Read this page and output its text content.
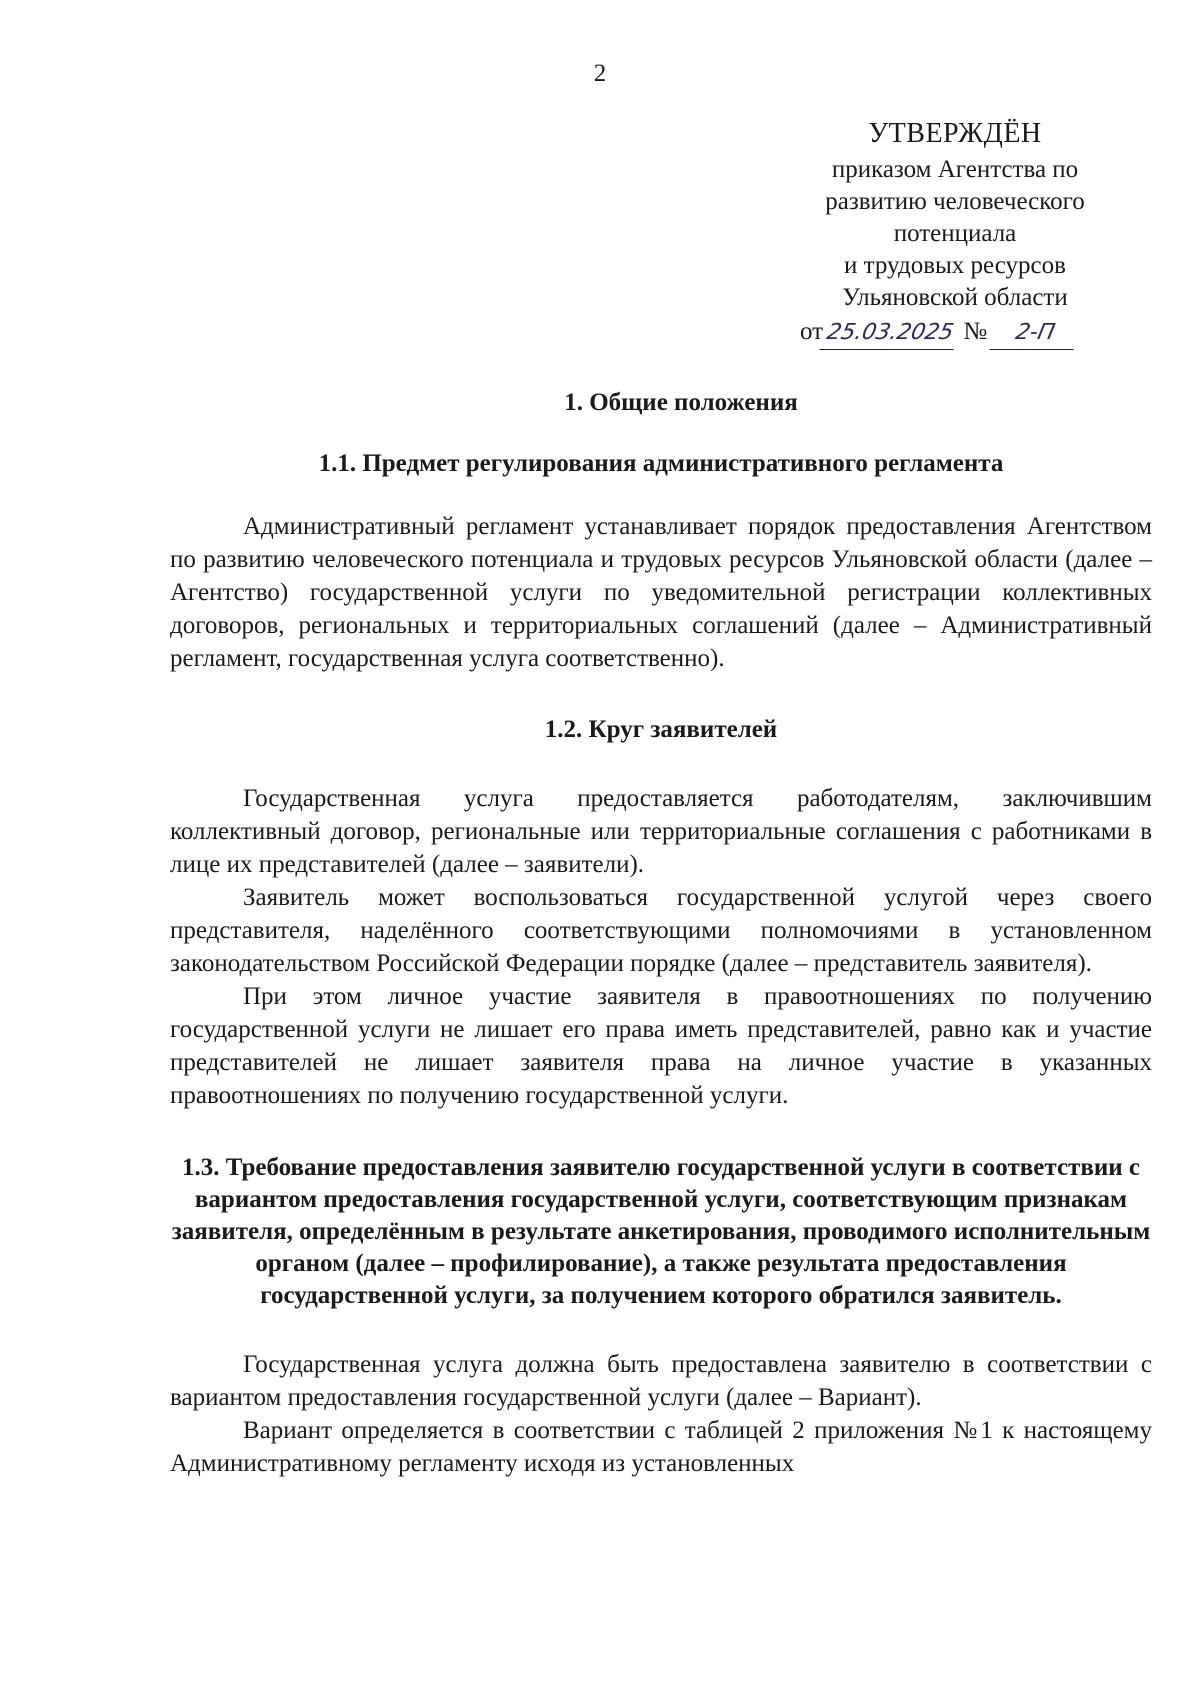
2
УТВЕРЖДЁН
приказом Агентства по
развитию человеческого
потенциала
и трудовых ресурсов
Ульяновской области
от25.03.2025 № 2-П
1. Общие положения
1.1. Предмет регулирования административного регламента

Административный регламент устанавливает порядок предоставления Агентством по развитию человеческого потенциала и трудовых ресурсов Ульяновской области (далее – Агентство) государственной услуги по уведомительной регистрации коллективных договоров, региональных и территориальных соглашений (далее – Административный регламент, государственная услуга соответственно).

1.2. Круг заявителей

Государственная услуга предоставляется работодателям, заключившим коллективный договор, региональные или территориальные соглашения с работниками в лице их представителей (далее – заявители).

Заявитель может воспользоваться государственной услугой через своего представителя, наделённого соответствующими полномочиями в установленном законодательством Российской Федерации порядке (далее – представитель заявителя).

При этом личное участие заявителя в правоотношениях по получению государственной услуги не лишает его права иметь представителей, равно как и участие представителей не лишает заявителя права на личное участие в указанных правоотношениях по получению государственной услуги.

1.3. Требование предоставления заявителю государственной услуги в соответствии с вариантом предоставления государственной услуги, соответствующим признакам заявителя, определённым в результате анкетирования, проводимого исполнительным органом (далее – профилирование), а также результата предоставления государственной услуги, за получением которого обратился заявитель.

Государственная услуга должна быть предоставлена заявителю в соответствии с вариантом предоставления государственной услуги (далее – Вариант).

Вариант определяется в соответствии с таблицей 2 приложения №1 к настоящему Административному регламенту исходя из установленных
